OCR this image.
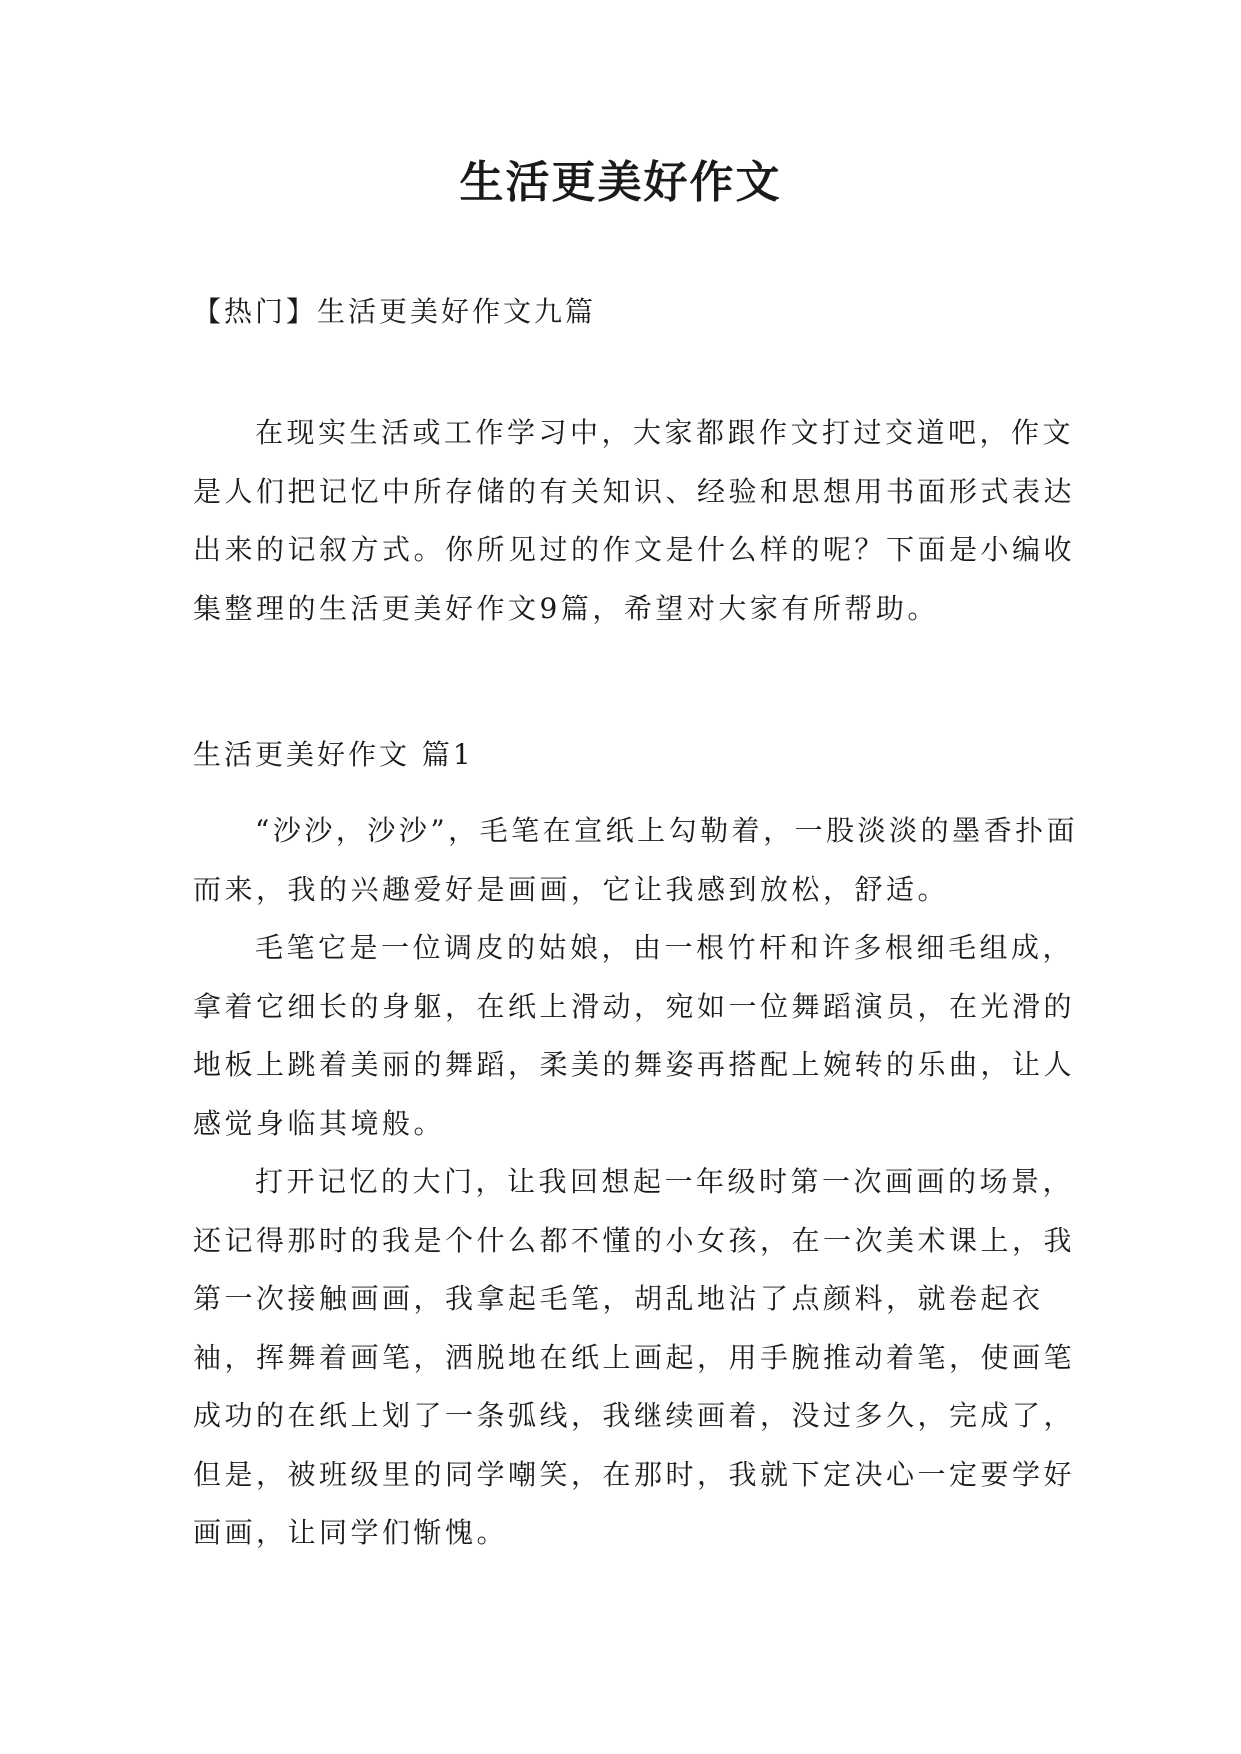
生活更美好作文

【热门】生活更美好作文九篇

在现实生活或工作学习中，大家都跟作文打过交道吧，作文是人们把记忆中所存储的有关知识、经验和思想用书面形式表达出来的记叙方式。你所见过的作文是什么样的呢？下面是小编收集整理的生活更美好作文9篇，希望对大家有所帮助。

生活更美好作文 篇1

“沙沙，沙沙”，毛笔在宣纸上勾勒着，一股淡淡的墨香扑面而来，我的兴趣爱好是画画，它让我感到放松，舒适。

毛笔它是一位调皮的姑娘，由一根竹杆和许多根细毛组成，拿着它细长的身躯，在纸上滑动，宛如一位舞蹈演员，在光滑的地板上跳着美丽的舞蹈，柔美的舞姿再搭配上婉转的乐曲，让人感觉身临其境般。

打开记忆的大门，让我回想起一年级时第一次画画的场景，还记得那时的我是个什么都不懂的小女孩，在一次美术课上，我第一次接触画画，我拿起毛笔，胡乱地沾了点颜料，就卷起衣袖，挥舞着画笔，洒脱地在纸上画起，用手腕推动着笔，使画笔成功的在纸上划了一条弧线，我继续画着，没过多久，完成了，但是，被班级里的同学嘲笑，在那时，我就下定决心一定要学好画画，让同学们惭愧。
